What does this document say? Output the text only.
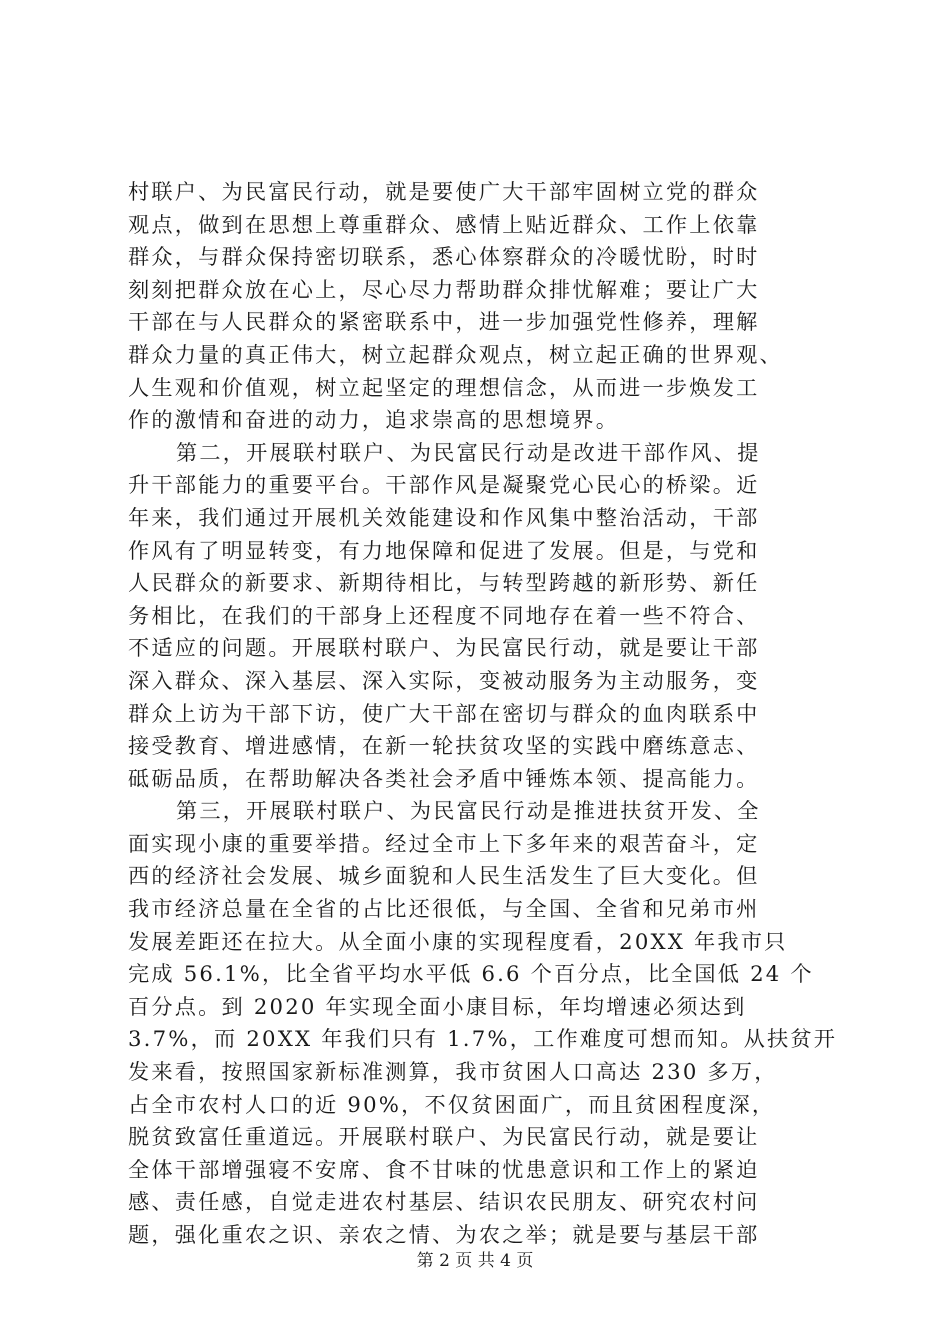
村联户、为民富民行动，就是要使广大干部牢固树立党的群众
观点，做到在思想上尊重群众、感情上贴近群众、工作上依靠
群众，与群众保持密切联系，悉心体察群众的冷暖忧盼，时时
刻刻把群众放在心上，尽心尽力帮助群众排忧解难；要让广大
干部在与人民群众的紧密联系中，进一步加强党性修养，理解
群众力量的真正伟大，树立起群众观点，树立起正确的世界观、
人生观和价值观，树立起坚定的理想信念，从而进一步焕发工
作的激情和奋进的动力，追求崇高的思想境界。
第二，开展联村联户、为民富民行动是改进干部作风、提
升干部能力的重要平台。干部作风是凝聚党心民心的桥梁。近
年来，我们通过开展机关效能建设和作风集中整治活动，干部
作风有了明显转变，有力地保障和促进了发展。但是，与党和
人民群众的新要求、新期待相比，与转型跨越的新形势、新任
务相比，在我们的干部身上还程度不同地存在着一些不符合、
不适应的问题。开展联村联户、为民富民行动，就是要让干部
深入群众、深入基层、深入实际，变被动服务为主动服务，变
群众上访为干部下访，使广大干部在密切与群众的血肉联系中
接受教育、增进感情，在新一轮扶贫攻坚的实践中磨练意志、
砥砺品质，在帮助解决各类社会矛盾中锤炼本领、提高能力。
第三，开展联村联户、为民富民行动是推进扶贫开发、全
面实现小康的重要举措。经过全市上下多年来的艰苦奋斗，定
西的经济社会发展、城乡面貌和人民生活发生了巨大变化。但
我市经济总量在全省的占比还很低，与全国、全省和兄弟市州
发展差距还在拉大。从全面小康的实现程度看，20XX 年我市只
完成 56.1%，比全省平均水平低 6.6 个百分点，比全国低 24 个
百分点。到 2020 年实现全面小康目标，年均增速必须达到
3.7%，而 20XX 年我们只有 1.7%，工作难度可想而知。从扶贫开
发来看，按照国家新标准测算，我市贫困人口高达 230 多万，
占全市农村人口的近 90%，不仅贫困面广，而且贫困程度深，
脱贫致富任重道远。开展联村联户、为民富民行动，就是要让
全体干部增强寝不安席、食不甘味的忧患意识和工作上的紧迫
感、责任感，自觉走进农村基层、结识农民朋友、研究农村问
题，强化重农之识、亲农之情、为农之举；就是要与基层干部
第 2 页 共 4 页
